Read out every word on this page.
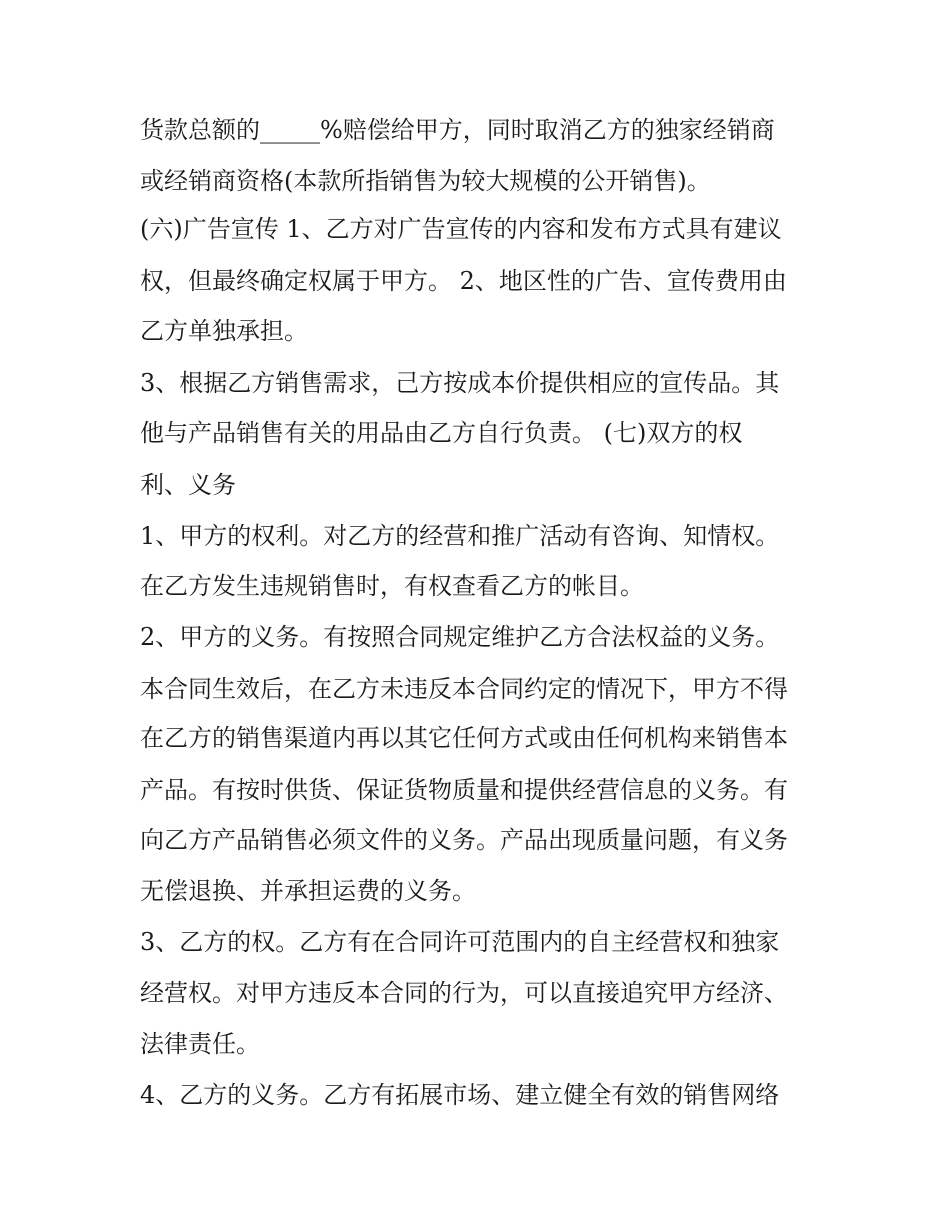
货款总额的_____%赔偿给甲方，同时取消乙方的独家经销商
或经销商资格(本款所指销售为较大规模的公开销售)。
(六)广告宣传 1、乙方对广告宣传的内容和发布方式具有建议
权，但最终确定权属于甲方。 2、地区性的广告、宣传费用由
乙方单独承担。
3、根据乙方销售需求，己方按成本价提供相应的宣传品。其
他与产品销售有关的用品由乙方自行负责。 (七)双方的权
利、义务
1、甲方的权利。对乙方的经营和推广活动有咨询、知情权。
在乙方发生违规销售时，有权查看乙方的帐目。
2、甲方的义务。有按照合同规定维护乙方合法权益的义务。
本合同生效后，在乙方未违反本合同约定的情况下，甲方不得
在乙方的销售渠道内再以其它任何方式或由任何机构来销售本
产品。有按时供货、保证货物质量和提供经营信息的义务。有
向乙方产品销售必须文件的义务。产品出现质量问题，有义务
无偿退换、并承担运费的义务。
3、乙方的权。乙方有在合同许可范围内的自主经营权和独家
经营权。对甲方违反本合同的行为，可以直接追究甲方经济、
法律责任。
4、乙方的义务。乙方有拓展市场、建立健全有效的销售网络
